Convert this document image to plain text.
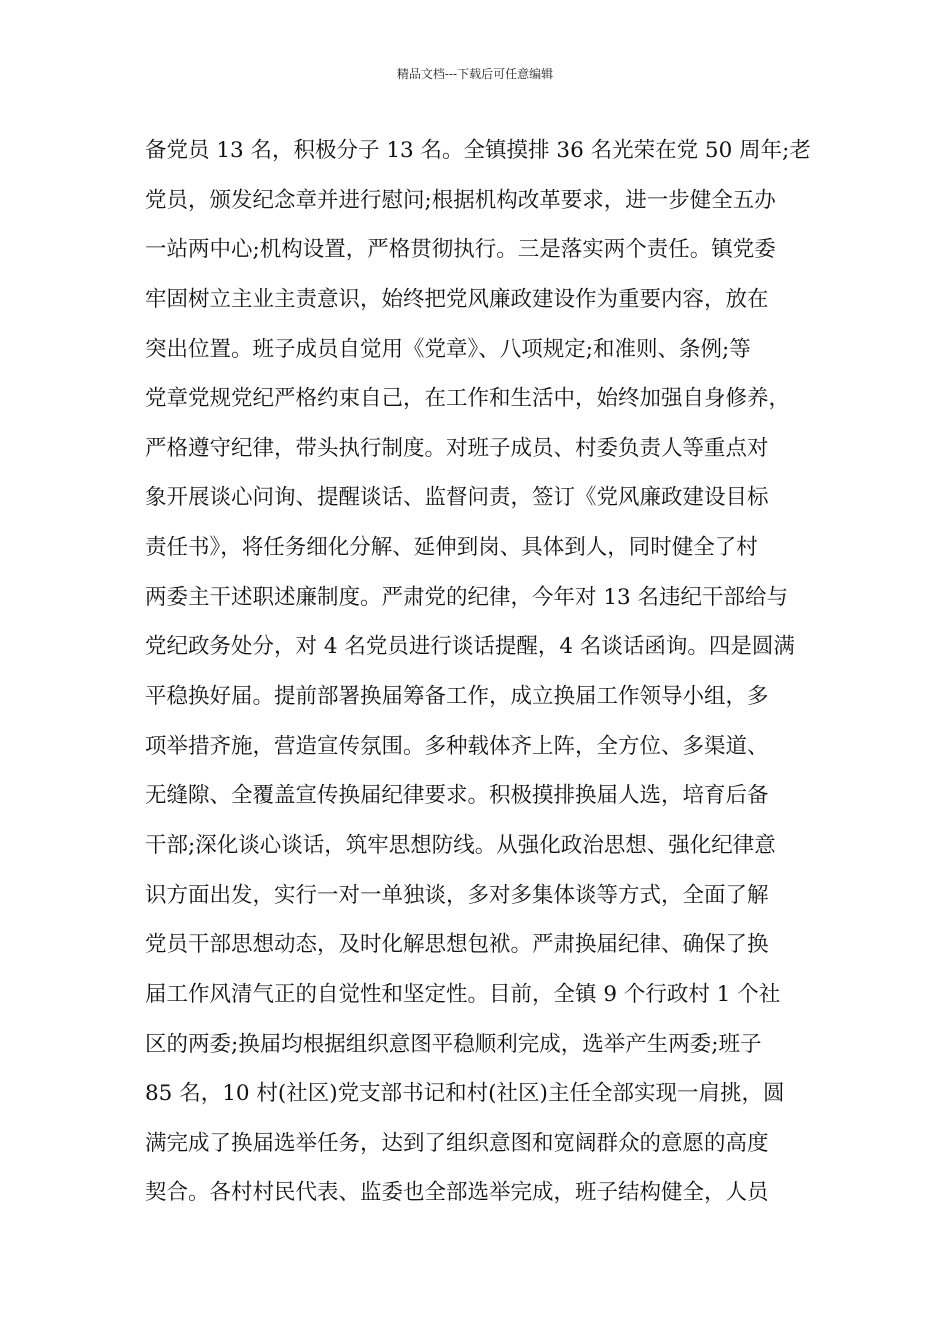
精品文档---下载后可任意编辑
备党员 13 名，积极分子 13 名。全镇摸排 36 名光荣在党 50 周年;老
党员，颁发纪念章并进行慰问;根据机构改革要求，进一步健全五办
一站两中心;机构设置，严格贯彻执行。三是落实两个责任。镇党委
牢固树立主业主责意识，始终把党风廉政建设作为重要内容，放在
突出位置。班子成员自觉用《党章》、八项规定;和准则、条例;等
党章党规党纪严格约束自己，在工作和生活中，始终加强自身修养，
严格遵守纪律，带头执行制度。对班子成员、村委负责人等重点对
象开展谈心问询、提醒谈话、监督问责，签订《党风廉政建设目标
责任书》，将任务细化分解、延伸到岗、具体到人，同时健全了村
两委主干述职述廉制度。严肃党的纪律，今年对 13 名违纪干部给与
党纪政务处分，对 4 名党员进行谈话提醒，4 名谈话函询。四是圆满
平稳换好届。提前部署换届筹备工作，成立换届工作领导小组，多
项举措齐施，营造宣传氛围。多种载体齐上阵，全方位、多渠道、
无缝隙、全覆盖宣传换届纪律要求。积极摸排换届人选，培育后备
干部;深化谈心谈话，筑牢思想防线。从强化政治思想、强化纪律意
识方面出发，实行一对一单独谈，多对多集体谈等方式，全面了解
党员干部思想动态，及时化解思想包袱。严肃换届纪律、确保了换
届工作风清气正的自觉性和坚定性。目前，全镇 9 个行政村 1 个社
区的两委;换届均根据组织意图平稳顺利完成，选举产生两委;班子
85 名，10 村(社区)党支部书记和村(社区)主任全部实现一肩挑，圆
满完成了换届选举任务，达到了组织意图和宽阔群众的意愿的高度
契合。各村村民代表、监委也全部选举完成，班子结构健全，人员
